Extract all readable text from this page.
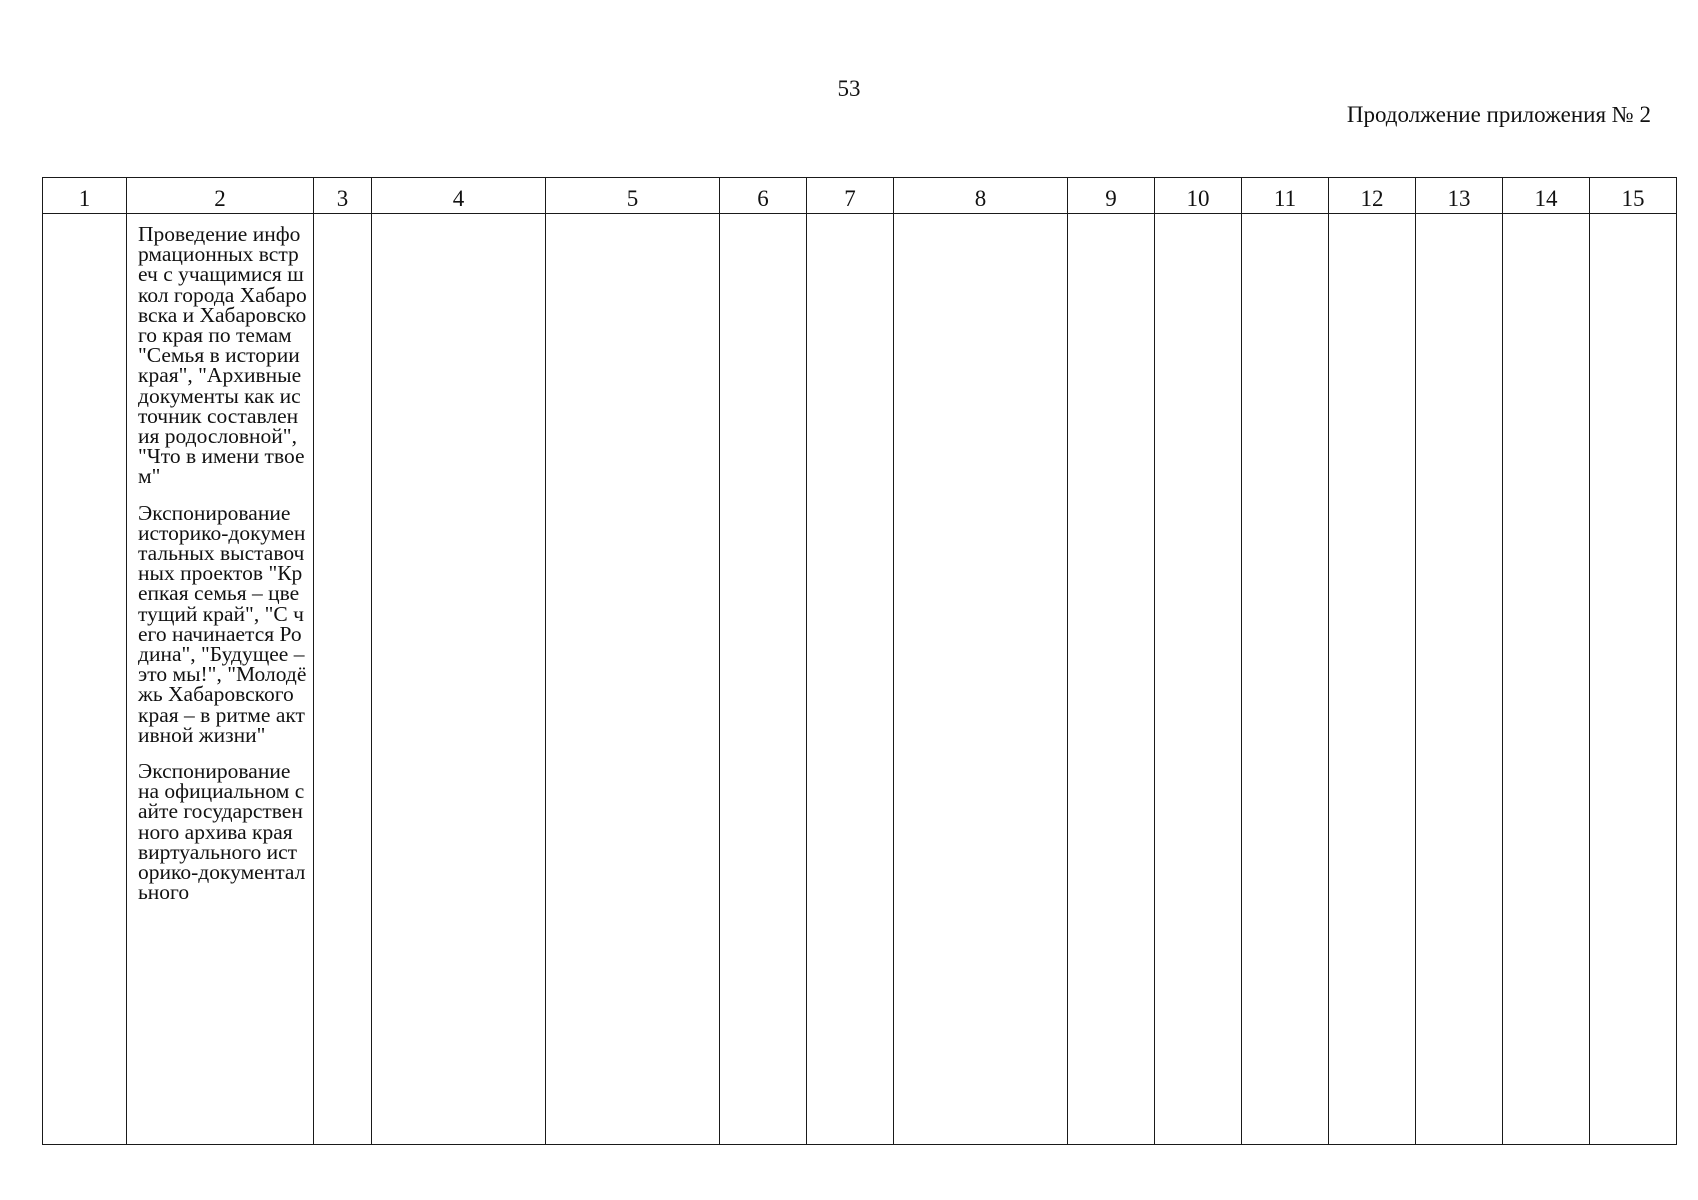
53
Продолжение приложения № 2
1	2	3	4	5	6	7	8	9	10	11	12	13	14	15

	Проведение информационных встреч с учащимися школ города Хабаровска и Хабаровского края по темам "Семья в истории края", "Архивные документы как источник составления родословной", "Что в имени твоем"

Экспонирование историко-документальных выставочных проектов "Крепкая семья – цветущий край", "С чего начинается Родина", "Будущее – это мы!", "Молодёжь Хабаровского края – в ритме активной жизни"

Экспонирование на официальном сайте государственного архива края виртуального историко-документального													
